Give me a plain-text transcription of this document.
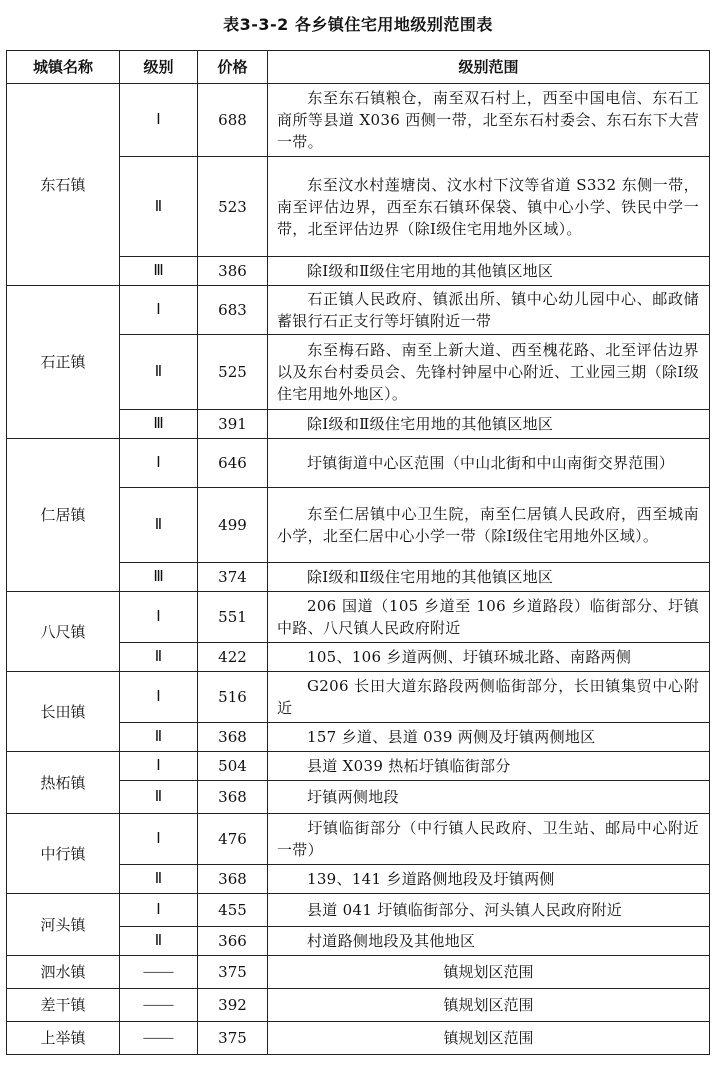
表3-3-2 各乡镇住宅用地级别范围表
城镇名称	级别	价格	级别范围
东石镇	Ⅰ	688	东至东石镇粮仓，南至双石村上，西至中国电信、东石工商所等县道 X036 西侧一带，北至东石村委会、东石东下大营一带。
	Ⅱ	523	东至汶水村莲塘岗、汶水村下汶等省道 S332 东侧一带，南至评估边界，西至东石镇环保袋、镇中心小学、铁民中学一带，北至评估边界（除Ⅰ级住宅用地外区域）。
	Ⅲ	386	除Ⅰ级和Ⅱ级住宅用地的其他镇区地区
石正镇	Ⅰ	683	石正镇人民政府、镇派出所、镇中心幼儿园中心、邮政储蓄银行石正支行等圩镇附近一带
	Ⅱ	525	东至梅石路、南至上新大道、西至槐花路、北至评估边界以及东台村委员会、先锋村钟屋中心附近、工业园三期（除Ⅰ级住宅用地外地区）。
	Ⅲ	391	除Ⅰ级和Ⅱ级住宅用地的其他镇区地区
仁居镇	Ⅰ	646	圩镇街道中心区范围（中山北街和中山南街交界范围）
	Ⅱ	499	东至仁居镇中心卫生院，南至仁居镇人民政府，西至城南小学，北至仁居中心小学一带（除Ⅰ级住宅用地外区域）。
	Ⅲ	374	除Ⅰ级和Ⅱ级住宅用地的其他镇区地区
八尺镇	Ⅰ	551	206 国道（105 乡道至 106 乡道路段）临街部分、圩镇中路、八尺镇人民政府附近
	Ⅱ	422	105、106 乡道两侧、圩镇环城北路、南路两侧
长田镇	Ⅰ	516	G206 长田大道东路段两侧临街部分，长田镇集贸中心附近
	Ⅱ	368	157 乡道、县道 039 两侧及圩镇两侧地区
热柘镇	Ⅰ	504	县道 X039 热柘圩镇临街部分
	Ⅱ	368	圩镇两侧地段
中行镇	Ⅰ	476	圩镇临街部分（中行镇人民政府、卫生站、邮局中心附近一带）
	Ⅱ	368	139、141 乡道路侧地段及圩镇两侧
河头镇	Ⅰ	455	县道 041 圩镇临街部分、河头镇人民政府附近
	Ⅱ	366	村道路侧地段及其他地区
泗水镇	——	375	镇规划区范围
差干镇	——	392	镇规划区范围
上举镇	——	375	镇规划区范围
